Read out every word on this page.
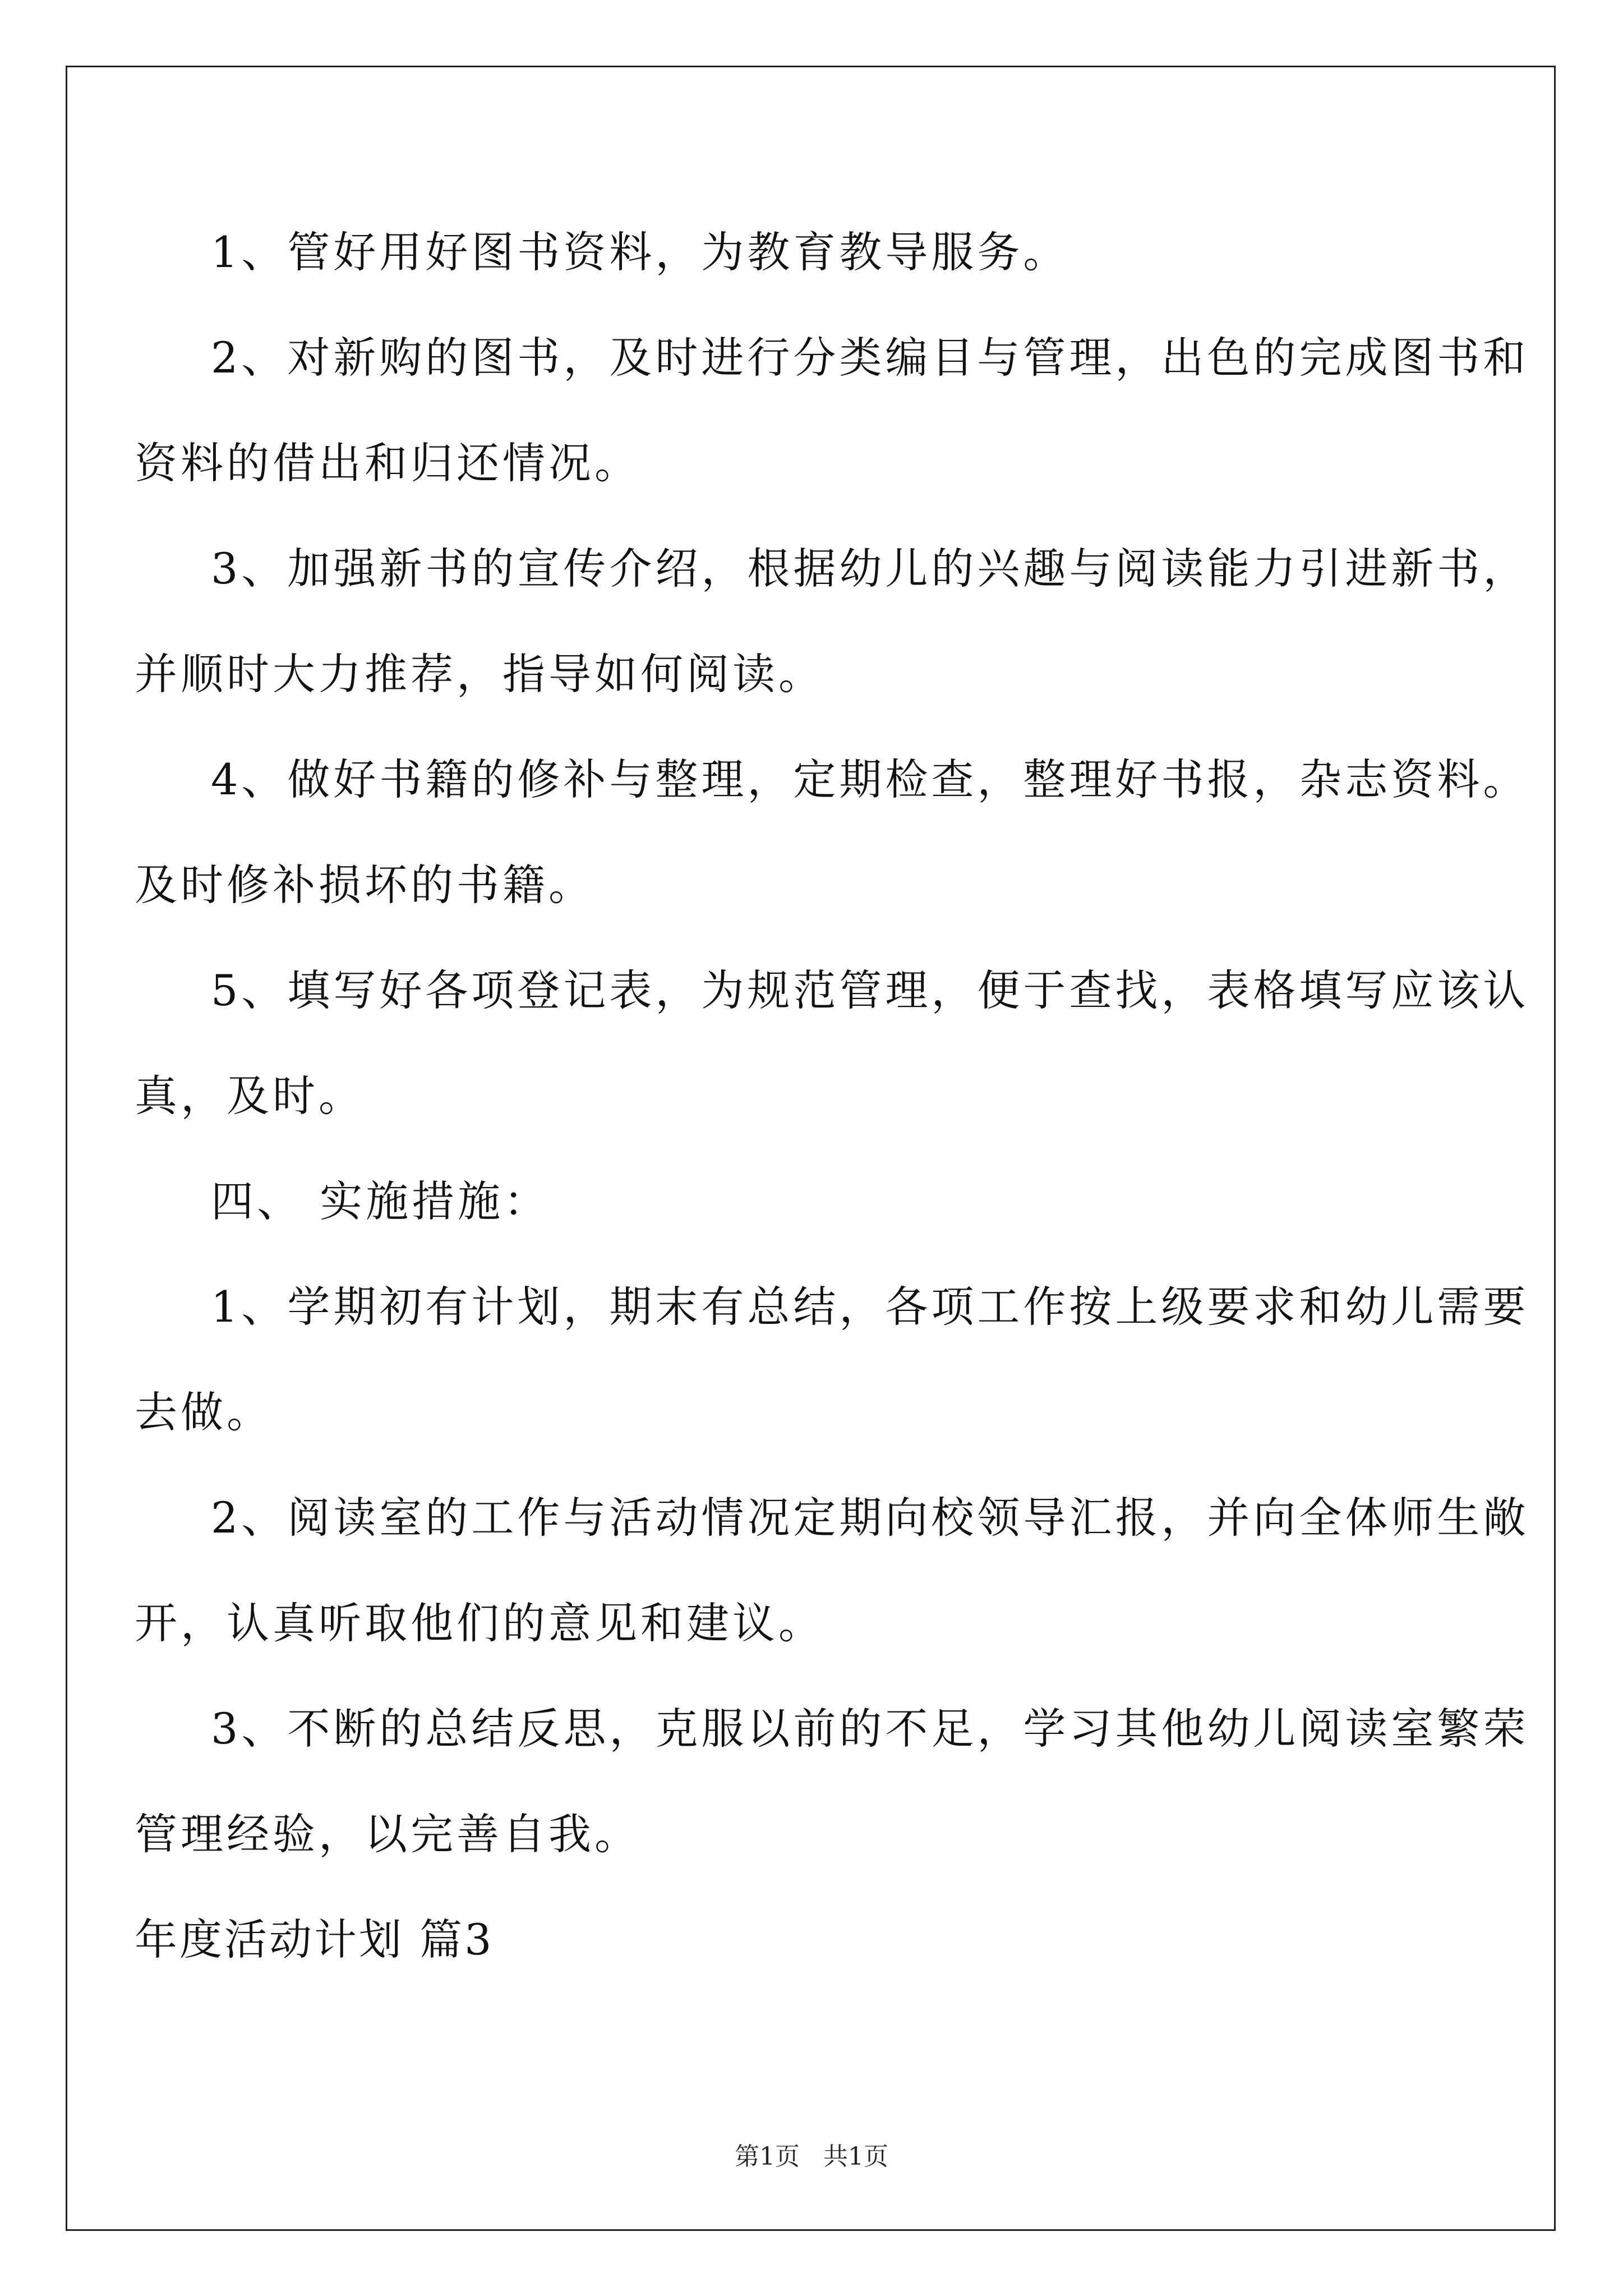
1、管好用好图书资料，为教育教导服务。
2、对新购的图书，及时进行分类编目与管理，出色的完成图书和
资料的借出和归还情况。
3、加强新书的宣传介绍，根据幼儿的兴趣与阅读能力引进新书，
并顺时大力推荐，指导如何阅读。
4、做好书籍的修补与整理，定期检查，整理好书报，杂志资料。
及时修补损坏的书籍。
5、填写好各项登记表，为规范管理，便于查找，表格填写应该认
真，及时。
四、 实施措施：
1、学期初有计划，期末有总结，各项工作按上级要求和幼儿需要
去做。
2、阅读室的工作与活动情况定期向校领导汇报，并向全体师生敞
开，认真听取他们的意见和建议。
3、不断的总结反思，克服以前的不足，学习其他幼儿阅读室繁荣
管理经验，以完善自我。
年度活动计划 篇3
第1页   共1页
